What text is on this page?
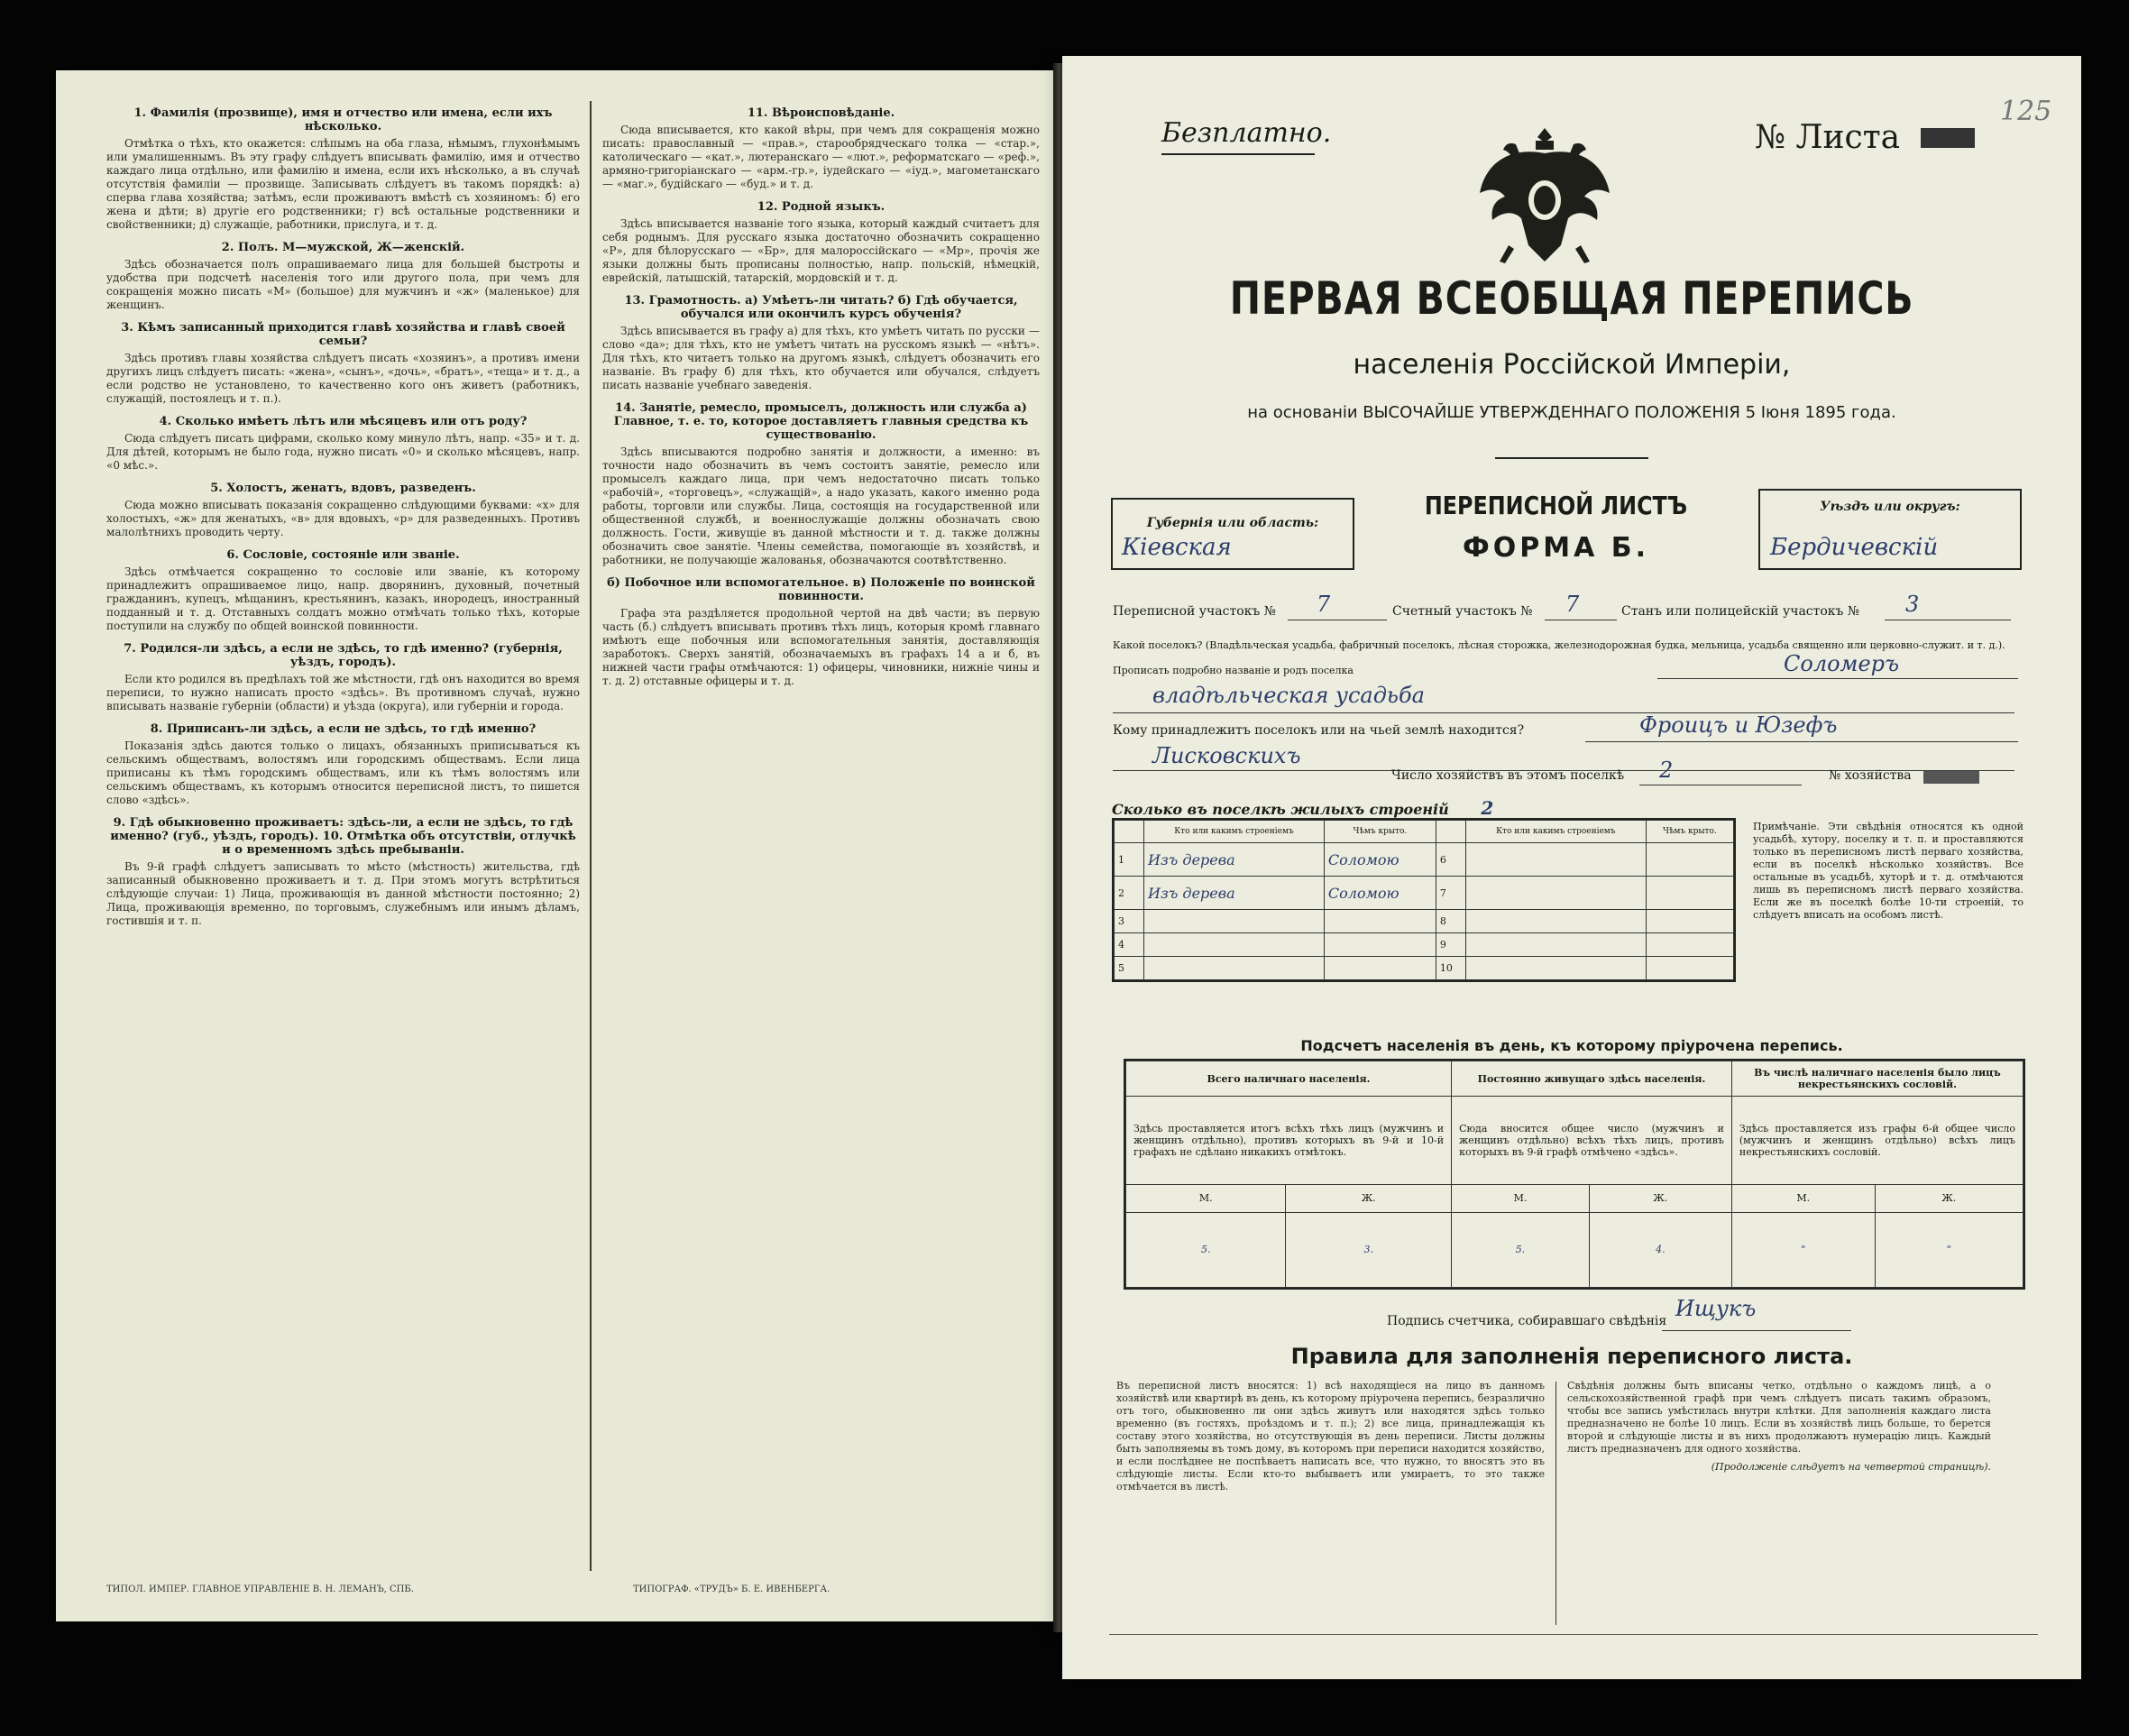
1. Фамилія (прозвище), имя и отчество или имена, если ихъ нѣсколько.
Отмѣтка о тѣхъ, кто окажется: слѣпымъ на оба глаза, нѣмымъ, глухонѣмымъ или умалишеннымъ. Въ эту графу слѣдуетъ вписывать фамилію, имя и отчество каждаго лица отдѣльно, или фамилію и имена, если ихъ нѣсколько, а въ случаѣ отсутствія фамиліи — прозвище. Записывать слѣдуетъ въ такомъ порядкѣ: а) сперва глава хозяйства; затѣмъ, если проживаютъ вмѣстѣ съ хозяиномъ: б) его жена и дѣти; в) другіе его родственники; г) всѣ остальные родственники и свойственники; д) служащіе, работники, прислуга, и т. д.
2. Полъ. М—мужской, Ж—женскій.
Здѣсь обозначается полъ опрашиваемаго лица для большей быстроты и удобства при подсчетѣ населенія того или другого пола, при чемъ для сокращенія можно писать «М» (большое) для мужчинъ и «ж» (маленькое) для женщинъ.
3. Кѣмъ записанный приходится главѣ хозяйства и главѣ своей семьи?
Здѣсь противъ главы хозяйства слѣдуетъ писать «хозяинъ», а противъ имени другихъ лицъ слѣдуетъ писать: «жена», «сынъ», «дочь», «братъ», «теща» и т. д., а если родство не установлено, то качественно кого онъ живетъ (работникъ, служащій, постоялецъ и т. п.).
4. Сколько имѣетъ лѣтъ или мѣсяцевъ или отъ роду?
Сюда слѣдуетъ писать цифрами, сколько кому минуло лѣтъ, напр. «35» и т. д. Для дѣтей, которымъ не было года, нужно писать «0» и сколько мѣсяцевъ, напр. «0 мѣс.».
5. Холостъ, женатъ, вдовъ, разведенъ.
Сюда можно вписывать показанія сокращенно слѣдующими буквами: «х» для холостыхъ, «ж» для женатыхъ, «в» для вдовыхъ, «р» для разведенныхъ. Противъ малолѣтнихъ проводить черту.
6. Сословіе, состояніе или званіе.
Здѣсь отмѣчается сокращенно то сословіе или званіе, къ которому принадлежитъ опрашиваемое лицо, напр. дворянинъ, духовный, почетный гражданинъ, купецъ, мѣщанинъ, крестьянинъ, казакъ, инородецъ, иностранный подданный и т. д. Отставныхъ солдатъ можно отмѣчать только тѣхъ, которые поступили на службу по общей воинской повинности.
7. Родился-ли здѣсь, а если не здѣсь, то гдѣ именно? (губернія, уѣздъ, городъ).
Если кто родился въ предѣлахъ той же мѣстности, гдѣ онъ находится во время переписи, то нужно написать просто «здѣсь». Въ противномъ случаѣ, нужно вписывать названіе губерніи (области) и уѣзда (округа), или губерніи и города.
8. Приписанъ-ли здѣсь, а если не здѣсь, то гдѣ именно?
Показанія здѣсь даются только о лицахъ, обязанныхъ приписываться къ сельскимъ обществамъ, волостямъ или городскимъ обществамъ. Если лица приписаны къ тѣмъ городскимъ обществамъ, или къ тѣмъ волостямъ или сельскимъ обществамъ, къ которымъ относится переписной листъ, то пишется слово «здѣсь».
9. Гдѣ обыкновенно проживаетъ: здѣсь-ли, а если не здѣсь, то гдѣ именно? (губ., уѣздъ, городъ). 10. Отмѣтка объ отсутствіи, отлучкѣ и о временномъ здѣсь пребываніи.
Въ 9-й графѣ слѣдуетъ записывать то мѣсто (мѣстность) жительства, гдѣ записанный обыкновенно проживаетъ и т. д. При этомъ могутъ встрѣтиться слѣдующіе случаи: 1) Лица, проживающія въ данной мѣстности постоянно; 2) Лица, проживающія временно, по торговымъ, служебнымъ или инымъ дѣламъ, гостившія и т. п.
11. Вѣроисповѣданіе.
Сюда вписывается, кто какой вѣры, при чемъ для сокращенія можно писать: православный — «прав.», старообрядческаго толка — «стар.», католическаго — «кат.», лютеранскаго — «лют.», реформатскаго — «реф.», армяно-григоріанскаго — «арм.-гр.», іудейскаго — «іуд.», магометанскаго — «маг.», будійскаго — «буд.» и т. д.
12. Родной языкъ.
Здѣсь вписывается названіе того языка, который каждый считаетъ для себя роднымъ. Для русскаго языка достаточно обозначить сокращенно «Р», для бѣлорусскаго — «Бр», для малороссійскаго — «Мр», прочія же языки должны быть прописаны полностью, напр. польскій, нѣмецкій, еврейскій, латышскій, татарскій, мордовскій и т. д.
13. Грамотность. а) Умѣетъ-ли читать? б) Гдѣ обучается, обучался или окончилъ курсъ обученія?
Здѣсь вписывается въ графу а) для тѣхъ, кто умѣетъ читать по русски — слово «да»; для тѣхъ, кто не умѣетъ читать на русскомъ языкѣ — «нѣтъ». Для тѣхъ, кто читаетъ только на другомъ языкѣ, слѣдуетъ обозначить его названіе. Въ графу б) для тѣхъ, кто обучается или обучался, слѣдуетъ писать названіе учебнаго заведенія.
14. Занятіе, ремесло, промыселъ, должность или служба а) Главное, т. е. то, которое доставляетъ главныя средства къ существованію.
Здѣсь вписываются подробно занятія и должности, а именно: въ точности надо обозначить въ чемъ состоитъ занятіе, ремесло или промыселъ каждаго лица, при чемъ недостаточно писать только «рабочій», «торговецъ», «служащій», а надо указать, какого именно рода работы, торговли или службы. Лица, состоящія на государственной или общественной службѣ, и военнослужащіе должны обозначать свою должность. Гости, живущіе въ данной мѣстности и т. д. также должны обозначить свое занятіе. Члены семейства, помогающіе въ хозяйствѣ, и работники, не получающіе жалованья, обозначаются соотвѣтственно.
б) Побочное или вспомогательное. в) Положеніе по воинской повинности.
Графа эта раздѣляется продольной чертой на двѣ части; въ первую часть (б.) слѣдуетъ вписывать противъ тѣхъ лицъ, которыя кромѣ главнаго имѣютъ еще побочныя или вспомогательныя занятія, доставляющія заработокъ. Сверхъ занятій, обозначаемыхъ въ графахъ 14 а и б, въ нижней части графы отмѣчаются: 1) офицеры, чиновники, нижніе чины и т. д. 2) отставные офицеры и т. д.
ТИПОЛ. ИМПЕР. ГЛАВНОЕ УПРАВЛЕНІЕ В. Н. ЛЕМАНЪ, СПБ.	ТИПОГРАФ. «ТРУДЪ» Б. Е. ИВЕНБЕРГА.
Безплатно.
125
№ Листа
ПЕРВАЯ ВСЕОБЩАЯ ПЕРЕПИСЬ
населенія Россійской Имперіи,
на основаніи ВЫСОЧАЙШЕ УТВЕРЖДЕННАГО ПОЛОЖЕНІЯ 5 Іюня 1895 года.
Губернія или область:
Кіевская
ПЕРЕПИСНОЙ ЛИСТЪ
ФОРМА Б.
Уѣздъ или округъ:
Бердичевскій
Переписной участокъ № 7	Счетный участокъ № 7	Станъ или полицейскій участокъ № 3
Какой поселокъ? (Владѣльческая усадьба, фабричный поселокъ, лѣсная сторожка, железнодорожная будка, мельница, усадьба священно или церковно-служит. и т. д.). Прописать подробно названіе и родъ поселка	Соломеръ
владѣльческая усадьба
Кому принадлежитъ поселокъ или на чьей землѣ находится?	Фроицъ и Юзефъ
Лисковскихъ
Число хозяйствъ въ этомъ поселкѣ 2	№ хозяйства
Сколько въ поселкѣ жилыхъ строеній 2
	Кто или какимъ строеніемъ	Чѣмъ крыто.		Кто или какимъ строеніемъ	Чѣмъ крыто.
1	Изъ дерева	Соломою	6		
2	Изъ дерева	Соломою	7		
3			8		
4			9		
5			10		
Примѣчаніе. Эти свѣдѣнія относятся къ одной усадьбѣ, хутору, поселку и т. п. и проставляются только въ переписномъ листѣ перваго хозяйства, если въ поселкѣ нѣсколько хозяйствъ. Все остальные въ усадьбѣ, хуторѣ и т. д. отмѣчаются лишь въ переписномъ листѣ перваго хозяйства. Если же въ поселкѣ болѣе 10-ти строеній, то слѣдуетъ вписать на особомъ листѣ.
Подсчетъ населенія въ день, къ которому пріурочена перепись.
Всего наличнаго населенія.		Постоянно живущаго здѣсь населенія.		Въ числѣ наличнаго населенія было лицъ некрестьянскихъ сословій.	
Здѣсь проставляется итогъ всѣхъ тѣхъ лицъ (мужчинъ и женщинъ отдѣльно), противъ которыхъ въ 9-й и 10-й графахъ не сдѣлано никакихъ отмѣтокъ.		Сюда вносится общее число (мужчинъ и женщинъ отдѣльно) всѣхъ тѣхъ лицъ, противъ которыхъ въ 9-й графѣ отмѣчено «здѣсь».		Здѣсь проставляется изъ графы 6-й общее число (мужчинъ и женщинъ отдѣльно) всѣхъ лицъ некрестьянскихъ сословій.	
М.	Ж.	М.	Ж.	М.	Ж.
5.	3.	5.	4.	"	"
Подпись счетчика, собиравшаго свѣдѣнія Ищукъ
Правила для заполненія переписного листа.
Въ переписной листъ вносятся: 1) всѣ находящіеся на лицо въ данномъ хозяйствѣ или квартирѣ въ день, къ которому пріурочена перепись, безразлично отъ того, обыкновенно ли они здѣсь живутъ или находятся здѣсь только временно (въ гостяхъ, проѣздомъ и т. п.); 2) все лица, принадлежащія къ составу этого хозяйства, но отсутствующія въ день переписи. Листы должны быть заполняемы въ томъ дому, въ которомъ при переписи находится хозяйство, и если послѣднее не поспѣваетъ написать все, что нужно, то вносятъ это въ слѣдующіе листы. Если кто-то выбываетъ или умираетъ, то это также отмѣчается въ листѣ.
Свѣдѣнія должны быть вписаны четко, отдѣльно о каждомъ лицѣ, а о сельскохозяйственной графѣ при чемъ слѣдуетъ писать такимъ образомъ, чтобы все запись умѣстилась внутри клѣтки. Для заполненія каждаго листа предназначено не болѣе 10 лицъ. Если въ хозяйствѣ лицъ больше, то берется второй и слѣдующіе листы и въ нихъ продолжаютъ нумерацію лицъ. Каждый листъ предназначенъ для одного хозяйства.
(Продолженіе слѣдуетъ на четвертой страницѣ).
